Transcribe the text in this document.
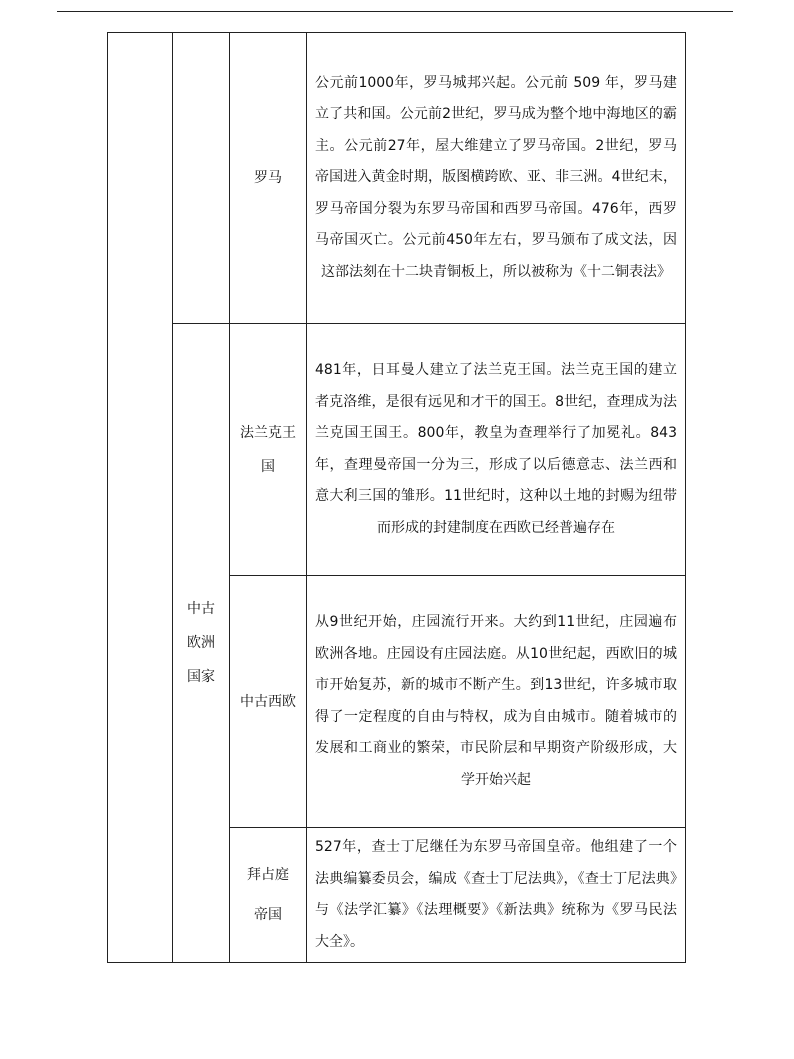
		罗马	公元前1000年，罗马城邦兴起。公元前 509 年，罗马建立了共和国。公元前2世纪，罗马成为整个地中海地区的霸主。公元前27年，屋大维建立了罗马帝国。2世纪，罗马帝国进入黄金时期，版图横跨欧、亚、非三洲。4世纪末，罗马帝国分裂为东罗马帝国和西罗马帝国。476年，西罗马帝国灭亡。公元前450年左右，罗马颁布了成文法，因这部法刻在十二块青铜板上，所以被称为《十二铜表法》
	中古欧洲国家	法兰克王国	481年，日耳曼人建立了法兰克王国。法兰克王国的建立者克洛维，是很有远见和才干的国王。8世纪，查理成为法兰克国王国王。800年，教皇为查理举行了加冕礼。843 年，查理曼帝国一分为三，形成了以后德意志、法兰西和意大利三国的雏形。11世纪时，这种以土地的封赐为纽带而形成的封建制度在西欧已经普遍存在
		中古西欧	从9世纪开始，庄园流行开来。大约到11世纪，庄园遍布欧洲各地。庄园设有庄园法庭。从10世纪起，西欧旧的城市开始复苏，新的城市不断产生。到13世纪，许多城市取得了一定程度的自由与特权，成为自由城市。随着城市的发展和工商业的繁荣，市民阶层和早期资产阶级形成，大学开始兴起
		拜占庭帝国	527年，查士丁尼继任为东罗马帝国皇帝。他组建了一个法典编纂委员会，编成《查士丁尼法典》，《查士丁尼法典》与《法学汇纂》《法理概要》《新法典》统称为《罗马民法大全》。
